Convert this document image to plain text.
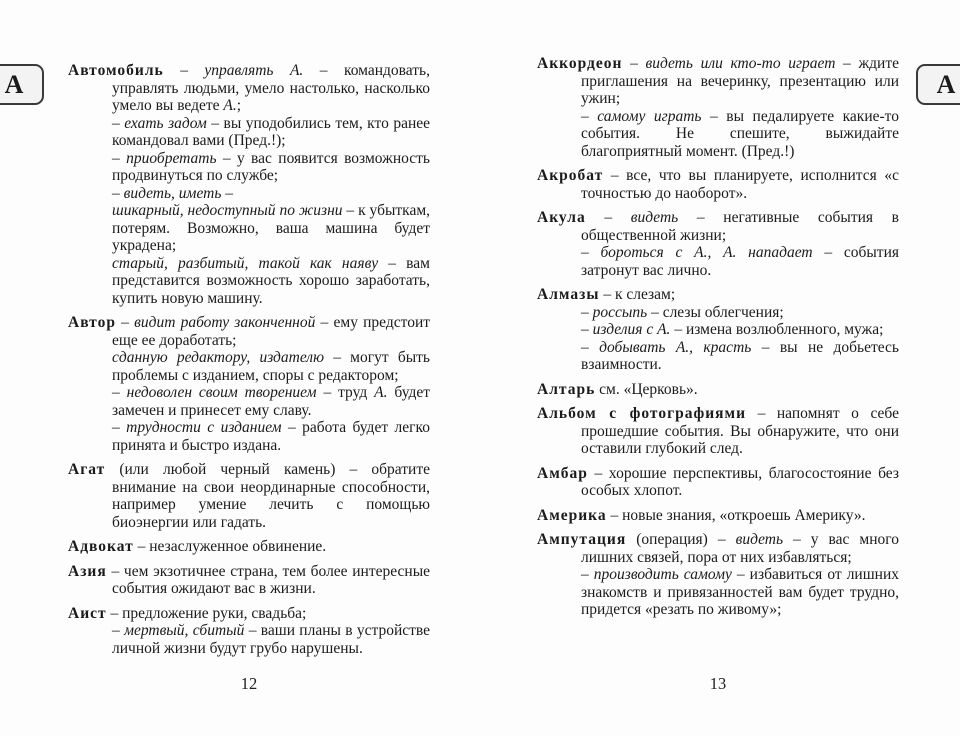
А	Автомобиль – управлять А. – командовать, управлять людьми, умело настолько, насколько умело вы ведете А.;

– ехать задом – вы уподобились тем, кто ранее командовал вами (Пред.!);

– приобретать – у вас появится возможность продвинуться по службе;

– видеть, иметь –

шикарный, недоступный по жизни – к убыткам, потерям. Возможно, ваша машина будет украдена;

старый, разбитый, такой как наяву – вам представится возможность хорошо заработать, купить новую машину.

Автор – видит работу законченной – ему предстоит еще ее доработать;

сданную редактору, издателю – могут быть проблемы с изданием, споры с редактором;

– недоволен своим творением – труд А. будет замечен и принесет ему славу.

– трудности с изданием – работа будет легко принята и быстро издана.

Агат (или любой черный камень) – обратите внимание на свои неординарные способности, например умение лечить с помощью биоэнергии или гадать.

Адвокат – незаслуженное обвинение.

Азия – чем экзотичнее страна, тем более интересные события ожидают вас в жизни.

Аист – предложение руки, свадьба;

– мертвый, сбитый – ваши планы в устройстве личной жизни будут грубо нарушены.

Аккордеон – видеть или кто-то играет – ждите приглашения на вечеринку, презентацию или ужин;

– самому играть – вы педалируете какие-то события. Не спешите, выжидайте благоприятный момент. (Пред.!)

Акробат – все, что вы планируете, исполнится «с точностью до наоборот».

Акула – видеть – негативные события в общественной жизни;

– бороться с А., А. нападает – события затронут вас лично.

Алмазы – к слезам;

– россыпь – слезы облегчения;

– изделия с А. – измена возлюбленного, мужа;

– добывать А., красть – вы не добьетесь взаимности.

Алтарь см. «Церковь».

Альбом с фотографиями – напомнят о себе прошедшие события. Вы обнаружите, что они оставили глубокий след.

Амбар – хорошие перспективы, благосостояние без особых хлопот.

Америка – новые знания, «откроешь Америку».

Ампутация (операция) – видеть – у вас много лишних связей, пора от них избавляться;

– производить самому – избавиться от лишних знакомств и привязанностей вам будет трудно, придется «резать по живому»;

12	13
А
